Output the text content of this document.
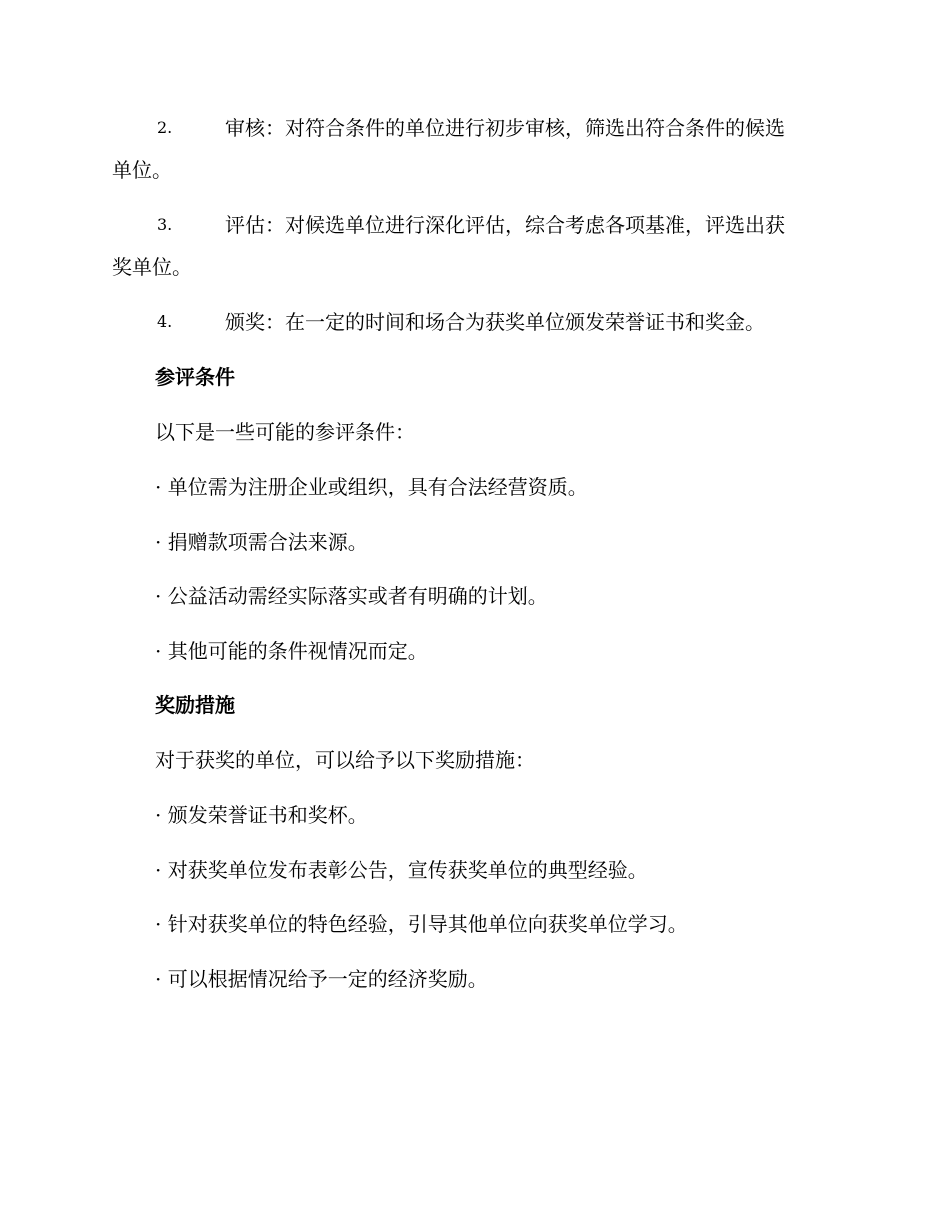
2.	审核：对符合条件的单位进行初步审核，筛选出符合条件的候选
单位。
3.	评估：对候选单位进行深化评估，综合考虑各项基准，评选出获
奖单位。
4.	颁奖：在一定的时间和场合为获奖单位颁发荣誉证书和奖金。
参评条件
以下是一些可能的参评条件：
· 单位需为注册企业或组织，具有合法经营资质。
· 捐赠款项需合法来源。
· 公益活动需经实际落实或者有明确的计划。
· 其他可能的条件视情况而定。
奖励措施
对于获奖的单位，可以给予以下奖励措施：
· 颁发荣誉证书和奖杯。
· 对获奖单位发布表彰公告，宣传获奖单位的典型经验。
· 针对获奖单位的特色经验，引导其他单位向获奖单位学习。
· 可以根据情况给予一定的经济奖励。
